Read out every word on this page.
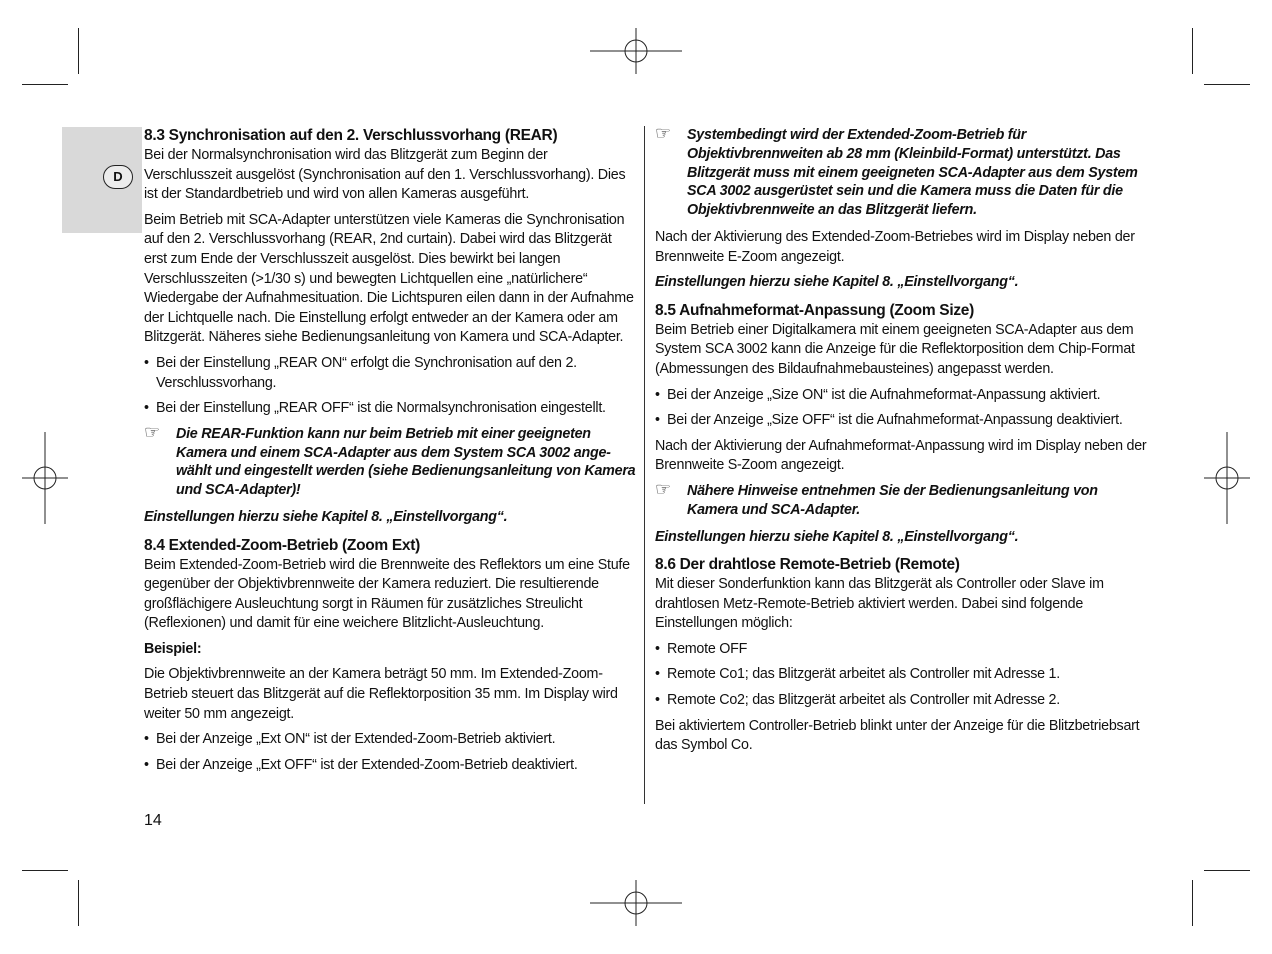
D
8.3 Synchronisation auf den 2. Verschlussvorhang (REAR)

Bei der Normalsynchronisation wird das Blitzgerät zum Beginn der Verschlusszeit ausgelöst (Synchronisation auf den 1. Verschlussvorhang). Dies ist der Standardbetrieb und wird von allen Kameras ausgeführt.

Beim Betrieb mit SCA-Adapter unterstützen viele Kameras die Synchronisation auf den 2. Verschlussvorhang (REAR, 2nd curtain). Dabei wird das Blitzgerät erst zum Ende der Verschlusszeit ausgelöst. Dies bewirkt bei langen Verschlusszeiten (>1/30 s) und bewegten Lichtquellen eine „natürlichere“ Wiedergabe der Aufnahmesituation. Die Lichtspuren eilen dann in der Aufnahme der Lichtquelle nach. Die Einstellung erfolgt entweder an der Kamera oder am Blitzgerät. Näheres siehe Bedienungsanleitung von Kamera und SCA-Adapter.

• Bei der Einstellung „REAR ON“ erfolgt die Synchronisation auf den 2. Verschlussvorhang.
• Bei der Einstellung „REAR OFF“ ist die Normalsynchronisation eingestellt.
☞ Die REAR-Funktion kann nur beim Betrieb mit einer geeigneten Kamera und einem SCA-Adapter aus dem System SCA 3002 angewählt und eingestellt werden (siehe Bedienungsanleitung von Kamera und SCA-Adapter)!

Einstellungen hierzu siehe Kapitel 8. „Einstellvorgang“.

8.4 Extended-Zoom-Betrieb (Zoom Ext)

Beim Extended-Zoom-Betrieb wird die Brennweite des Reflektors um eine Stufe gegenüber der Objektivbrennweite der Kamera reduziert. Die resultierende großflächigere Ausleuchtung sorgt in Räumen für zusätzliches Streulicht (Reflexionen) und damit für eine weichere Blitzlicht-Ausleuchtung.

Beispiel:

Die Objektivbrennweite an der Kamera beträgt 50 mm. Im Extended-Zoom-Betrieb steuert das Blitzgerät auf die Reflektorposition 35 mm. Im Display wird weiter 50 mm angezeigt.

• Bei der Anzeige „Ext ON“ ist der Extended-Zoom-Betrieb aktiviert.
• Bei der Anzeige „Ext OFF“ ist der Extended-Zoom-Betrieb deaktiviert.
☞ Systembedingt wird der Extended-Zoom-Betrieb für Objektivbrennweiten ab 28 mm (Kleinbild-Format) unterstützt. Das Blitzgerät muss mit einem geeigneten SCA-Adapter aus dem System SCA 3002 ausgerüstet sein und die Kamera muss die Daten für die Objektivbrennweite an das Blitzgerät liefern.

Nach der Aktivierung des Extended-Zoom-Betriebes wird im Display neben der Brennweite E-Zoom angezeigt.

Einstellungen hierzu siehe Kapitel 8. „Einstellvorgang“.

8.5 Aufnahmeformat-Anpassung (Zoom Size)

Beim Betrieb einer Digitalkamera mit einem geeigneten SCA-Adapter aus dem System SCA 3002 kann die Anzeige für die Reflektorposition dem Chip-Format (Abmessungen des Bildaufnahmebausteines) angepasst werden.

• Bei der Anzeige „Size ON“ ist die Aufnahmeformat-Anpassung aktiviert.
• Bei der Anzeige „Size OFF“ ist die Aufnahmeformat-Anpassung deaktiviert.

Nach der Aktivierung der Aufnahmeformat-Anpassung wird im Display neben der Brennweite S-Zoom angezeigt.

☞ Nähere Hinweise entnehmen Sie der Bedienungsanleitung von Kamera und SCA-Adapter.

Einstellungen hierzu siehe Kapitel 8. „Einstellvorgang“.

8.6 Der drahtlose Remote-Betrieb (Remote)

Mit dieser Sonderfunktion kann das Blitzgerät als Controller oder Slave im drahtlosen Metz-Remote-Betrieb aktiviert werden. Dabei sind folgende Einstellungen möglich:

• Remote OFF
• Remote Co1; das Blitzgerät arbeitet als Controller mit Adresse 1.
• Remote Co2; das Blitzgerät arbeitet als Controller mit Adresse 2.

Bei aktiviertem Controller-Betrieb blinkt unter der Anzeige für die Blitzbetriebsart das Symbol Co.

14
